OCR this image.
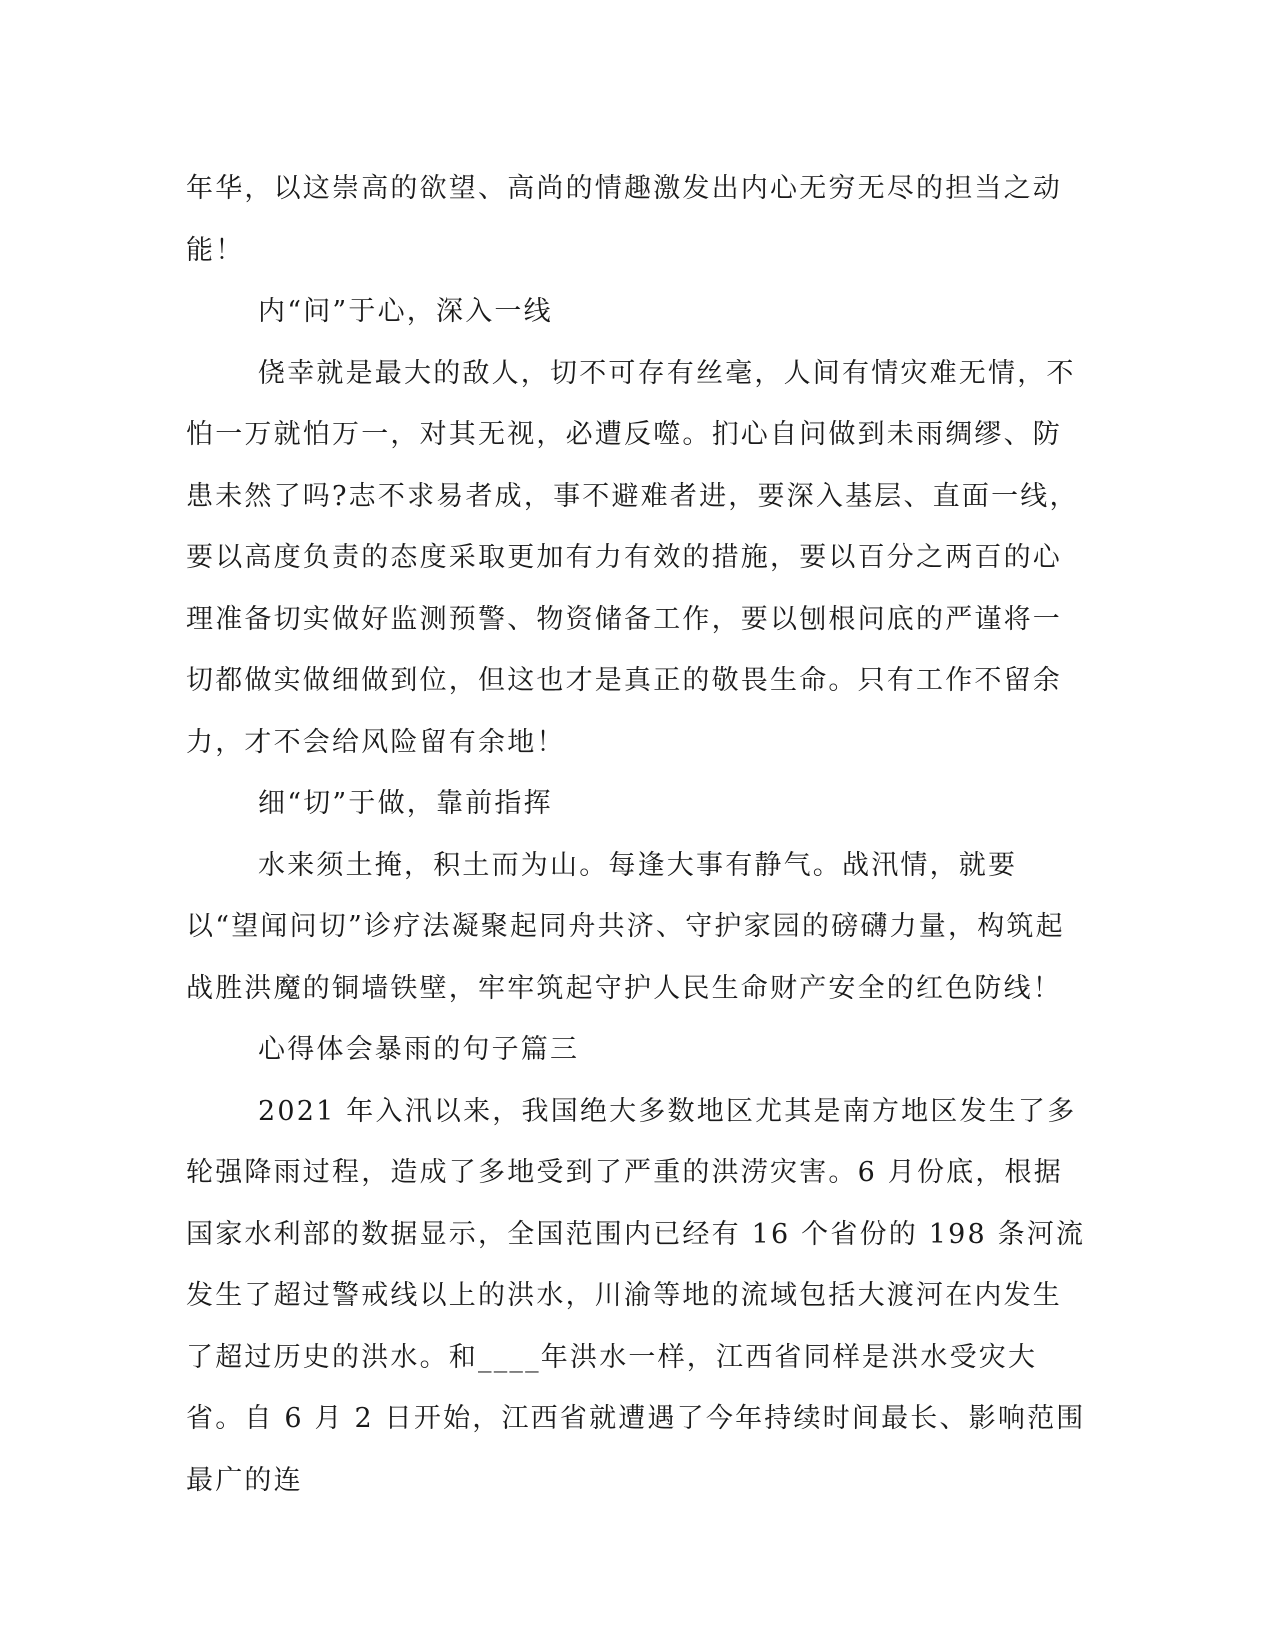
年华，以这崇高的欲望、高尚的情趣激发出内心无穷无尽的担当之动能！

内“问”于心，深入一线

侥幸就是最大的敌人，切不可存有丝毫，人间有情灾难无情，不怕一万就怕万一，对其无视，必遭反噬。扪心自问做到未雨绸缪、防患未然了吗?志不求易者成，事不避难者进，要深入基层、直面一线，要以高度负责的态度采取更加有力有效的措施，要以百分之两百的心理准备切实做好监测预警、物资储备工作，要以刨根问底的严谨将一切都做实做细做到位，但这也才是真正的敬畏生命。只有工作不留余力，才不会给风险留有余地！

细“切”于做，靠前指挥

水来须土掩，积土而为山。每逢大事有静气。战汛情，就要以“望闻问切”诊疗法凝聚起同舟共济、守护家园的磅礴力量，构筑起战胜洪魔的铜墙铁壁，牢牢筑起守护人民生命财产安全的红色防线！

心得体会暴雨的句子篇三

2021 年入汛以来，我国绝大多数地区尤其是南方地区发生了多轮强降雨过程，造成了多地受到了严重的洪涝灾害。6 月份底，根据国家水利部的数据显示，全国范围内已经有 16 个省份的 198 条河流发生了超过警戒线以上的洪水，川渝等地的流域包括大渡河在内发生了超过历史的洪水。和____年洪水一样，江西省同样是洪水受灾大省。自 6 月 2 日开始，江西省就遭遇了今年持续时间最长、影响范围最广的连
